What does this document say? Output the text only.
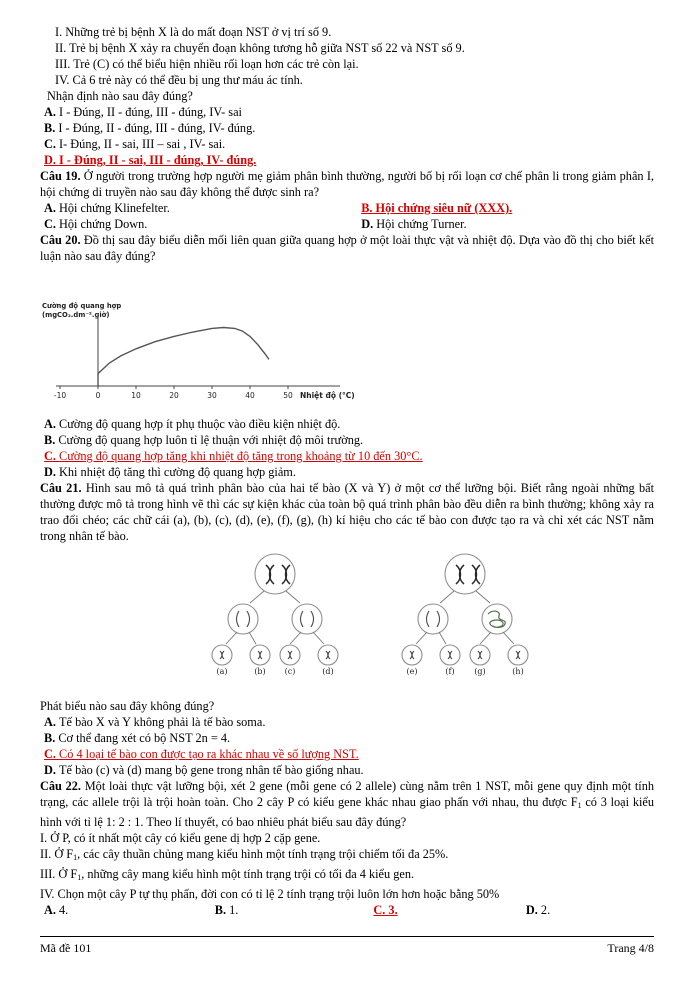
I. Những trẻ bị bệnh X là do mất đoạn NST ở vị trí số 9.
II. Trẻ bị bệnh X xảy ra chuyển đoạn không tương hỗ giữa NST số 22 và NST số 9.
III. Trẻ (C) có thể biểu hiện nhiều rối loạn hơn các trẻ còn lại.
IV. Cả 6 trẻ này có thể đều bị ung thư máu ác tính.
Nhận định nào sau đây đúng?
A. I - Đúng, II - đúng, III - đúng, IV- sai
B. I - Đúng, II - đúng, III - đúng, IV- đúng.
C. I- Đúng, II - sai, III – sai , IV- sai.
D. I - Đúng, II - sai, III - đúng, IV- đúng.
Câu 19. Ở người trong trường hợp người mẹ giảm phân bình thường, người bố bị rối loạn cơ chế phân li trong giảm phân I, hội chứng di truyền nào sau đây không thể được sinh ra?
A. Hội chứng Klinefelter.	B. Hội chứng siêu nữ (XXX).
C. Hội chứng Down.	D. Hội chứng Turner.
Câu 20. Đồ thị sau đây biểu diễn mối liên quan giữa quang hợp ở một loài thực vật và nhiệt độ. Dựa vào đồ thị cho biết kết luận nào sau đây đúng?
Cường độ quang hợp
(mgCO₂.dm⁻².giờ)
-10	0	10	20	30	40	50 Nhiệt độ (°C)
A. Cường độ quang hợp ít phụ thuộc vào điều kiện nhiệt độ.
B. Cường độ quang hợp luôn tỉ lệ thuận với nhiệt độ môi trường.
C. Cường độ quang hợp tăng khi nhiệt độ tăng trong khoảng từ 10 đến 30°C.
D. Khi nhiệt độ tăng thì cường độ quang hợp giảm.
Câu 21. Hình sau mô tả quá trình phân bào của hai tế bào (X và Y) ở một cơ thể lưỡng bội. Biết rằng ngoài những bất thường được mô tả trong hình vẽ thì các sự kiện khác của toàn bộ quá trình phân bào đều diễn ra bình thường; không xảy ra trao đổi chéo; các chữ cái (a), (b), (c), (d), (e), (f), (g), (h) kí hiệu cho các tế bào con được tạo ra và chỉ xét các NST nằm trong nhân tế bào.
(a)	(b) (c)	(d)	(e)	(f) (g)	(h)
Phát biểu nào sau đây không đúng?
A. Tế bào X và Y không phải là tế bào soma.
B. Cơ thể đang xét có bộ NST 2n = 4.
C. Có 4 loại tế bào con được tạo ra khác nhau về số lượng NST.
D. Tế bào (c) và (d) mang bộ gene trong nhân tế bào giống nhau.
Câu 22. Một loài thực vật lưỡng bội, xét 2 gene (mỗi gene có 2 allele) cùng nằm trên 1 NST, mỗi gene quy định một tính trạng, các allele trội là trội hoàn toàn. Cho 2 cây P có kiểu gene khác nhau giao phấn với nhau, thu được $F_1$ có 3 loại kiểu hình với tỉ lệ 1: 2 : 1. Theo lí thuyết, có bao nhiêu phát biểu sau đây đúng?
I. Ở P, có ít nhất một cây có kiểu gene dị hợp 2 cặp gene.
II. Ở $F_1$, các cây thuần chủng mang kiểu hình một tính trạng trội chiếm tối đa 25%.
III. Ở $F_1$, những cây mang kiểu hình một tính trạng trội có tối đa 4 kiểu gen.
IV. Chọn một cây P tự thụ phấn, đời con có tỉ lệ 2 tính trạng trội luôn lớn hơn hoặc bằng 50%
A. 4.	B. 1.	C. 3.	D. 2.
Mã đề 101	Trang 4/8
